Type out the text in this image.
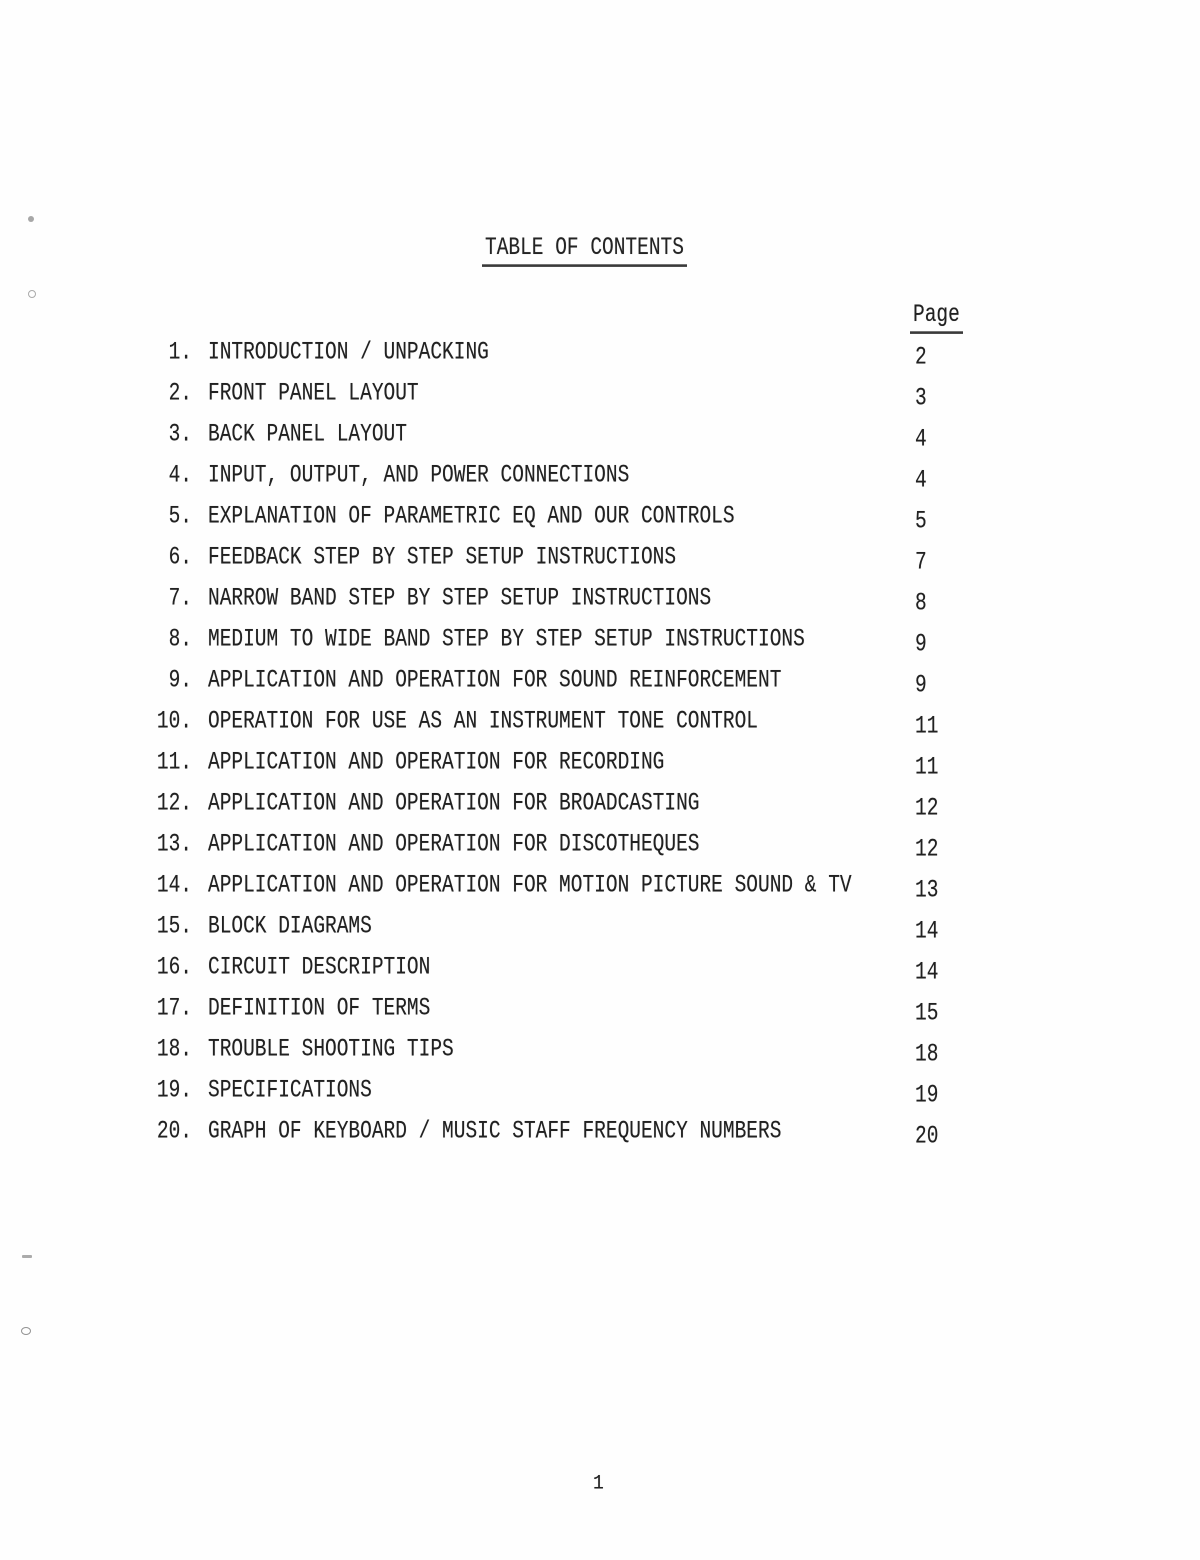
TABLE OF CONTENTS
Page
1. INTRODUCTION / UNPACKING	2
2. FRONT PANEL LAYOUT	3
3. BACK PANEL LAYOUT	4
4. INPUT, OUTPUT, AND POWER CONNECTIONS	4
5. EXPLANATION OF PARAMETRIC EQ AND OUR CONTROLS	5
6. FEEDBACK STEP BY STEP SETUP INSTRUCTIONS	7
7. NARROW BAND STEP BY STEP SETUP INSTRUCTIONS	8
8. MEDIUM TO WIDE BAND STEP BY STEP SETUP INSTRUCTIONS	9
9. APPLICATION AND OPERATION FOR SOUND REINFORCEMENT	9
10. OPERATION FOR USE AS AN INSTRUMENT TONE CONTROL	11
11. APPLICATION AND OPERATION FOR RECORDING	11
12. APPLICATION AND OPERATION FOR BROADCASTING	12
13. APPLICATION AND OPERATION FOR DISCOTHEQUES	12
14. APPLICATION AND OPERATION FOR MOTION PICTURE SOUND & TV	13
15. BLOCK DIAGRAMS	14
16. CIRCUIT DESCRIPTION	14
17. DEFINITION OF TERMS	15
18. TROUBLE SHOOTING TIPS	18
19. SPECIFICATIONS	19
20. GRAPH OF KEYBOARD / MUSIC STAFF FREQUENCY NUMBERS	20
1
